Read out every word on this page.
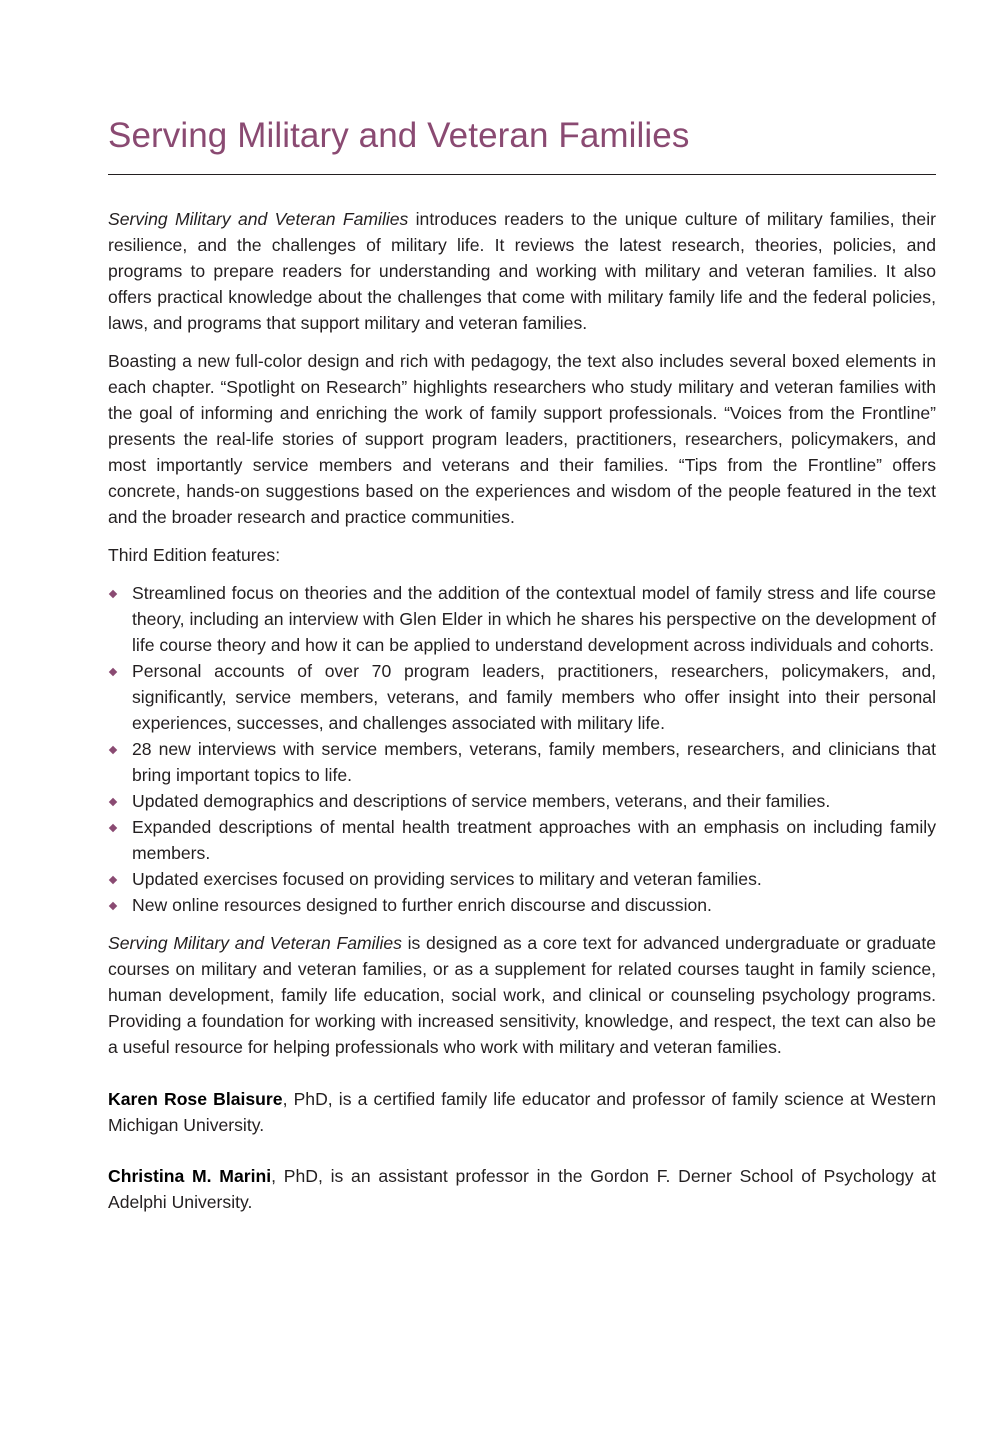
Serving Military and Veteran Families

Serving Military and Veteran Families introduces readers to the unique culture of military families, their resilience, and the challenges of military life. It reviews the latest research, theories, policies, and programs to prepare readers for understanding and working with military and veteran families. It also offers practical knowledge about the challenges that come with military family life and the federal policies, laws, and programs that support military and veteran families.

Boasting a new full-color design and rich with pedagogy, the text also includes several boxed elements in each chapter. “Spotlight on Research” highlights researchers who study military and veteran families with the goal of informing and enriching the work of family support professionals. “Voices from the Frontline” presents the real-life stories of support program leaders, practitioners, researchers, policymakers, and most importantly service members and veterans and their families. “Tips from the Frontline” offers concrete, hands-on suggestions based on the experiences and wisdom of the people featured in the text and the broader research and practice communities.

Third Edition features:

Streamlined focus on theories and the addition of the contextual model of family stress and life course theory, including an interview with Glen Elder in which he shares his perspective on the development of life course theory and how it can be applied to understand development across individuals and cohorts.
Personal accounts of over 70 program leaders, practitioners, researchers, policymakers, and, significantly, service members, veterans, and family members who offer insight into their personal experiences, successes, and challenges associated with military life.
28 new interviews with service members, veterans, family members, researchers, and clinicians that bring important topics to life.
Updated demographics and descriptions of service members, veterans, and their families.
Expanded descriptions of mental health treatment approaches with an emphasis on including family members.
Updated exercises focused on providing services to military and veteran families.
New online resources designed to further enrich discourse and discussion.

Serving Military and Veteran Families is designed as a core text for advanced undergraduate or graduate courses on military and veteran families, or as a supplement for related courses taught in family science, human development, family life education, social work, and clinical or counseling psychology programs. Providing a foundation for working with increased sensitivity, knowledge, and respect, the text can also be a useful resource for helping professionals who work with military and veteran families.

Karen Rose Blaisure, PhD, is a certified family life educator and professor of family science at Western Michigan University.

Christina M. Marini, PhD, is an assistant professor in the Gordon F. Derner School of Psychology at Adelphi University.
